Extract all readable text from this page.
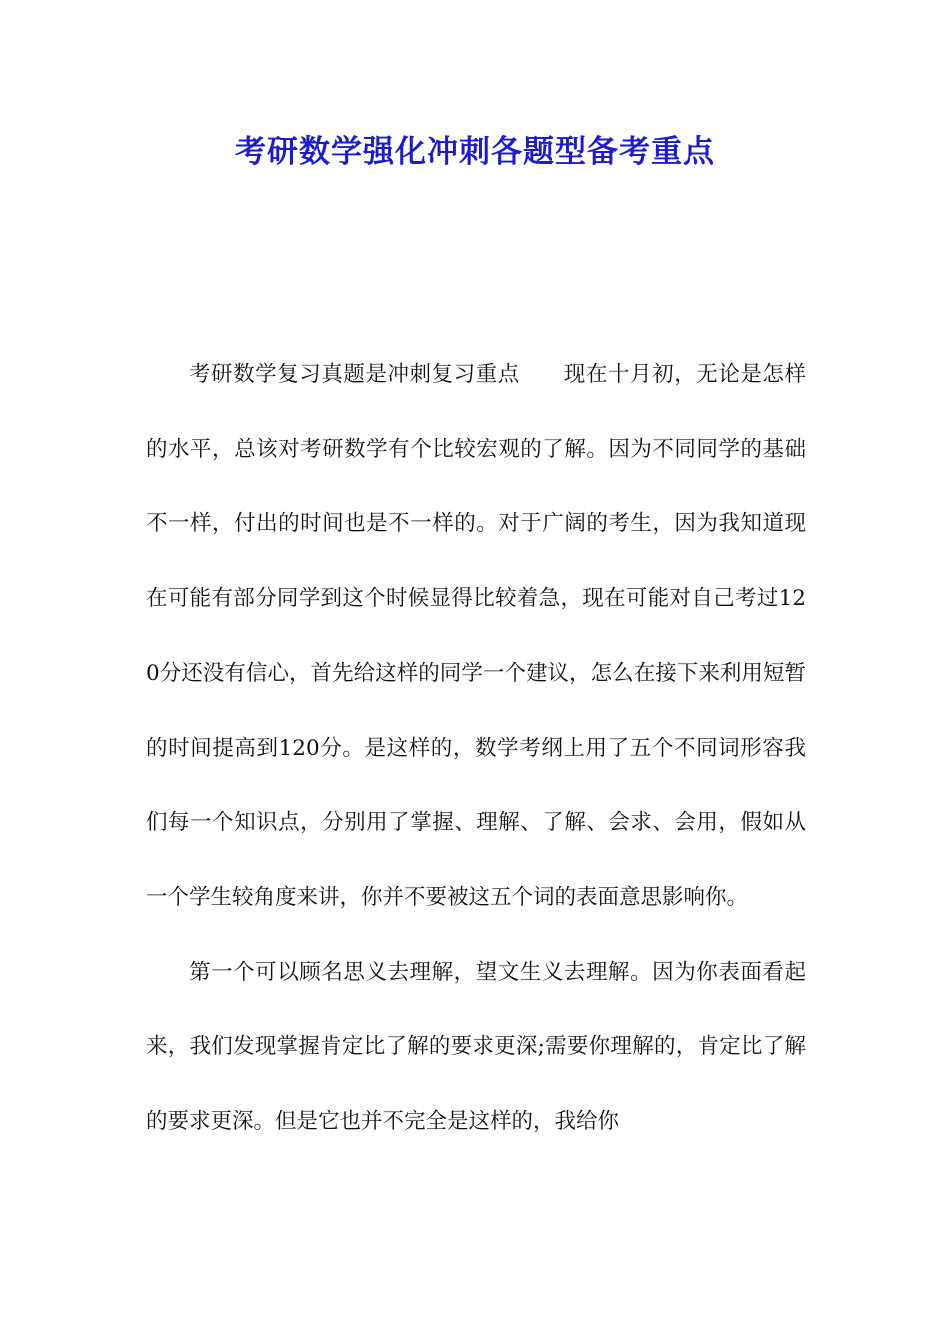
考研数学强化冲刺各题型备考重点

考研数学复习真题是冲刺复习重点　　现在十月初，无论是怎样的水平，总该对考研数学有个比较宏观的了解。因为不同同学的基础不一样，付出的时间也是不一样的。对于广阔的考生，因为我知道现在可能有部分同学到这个时候显得比较着急，现在可能对自己考过120分还没有信心，首先给这样的同学一个建议，怎么在接下来利用短暂的时间提高到120分。是这样的，数学考纲上用了五个不同词形容我们每一个知识点，分别用了掌握、理解、了解、会求、会用，假如从一个学生较角度来讲，你并不要被这五个词的表面意思影响你。

第一个可以顾名思义去理解，望文生义去理解。因为你表面看起来，我们发现掌握肯定比了解的要求更深;需要你理解的，肯定比了解的要求更深。但是它也并不完全是这样的，我给你
